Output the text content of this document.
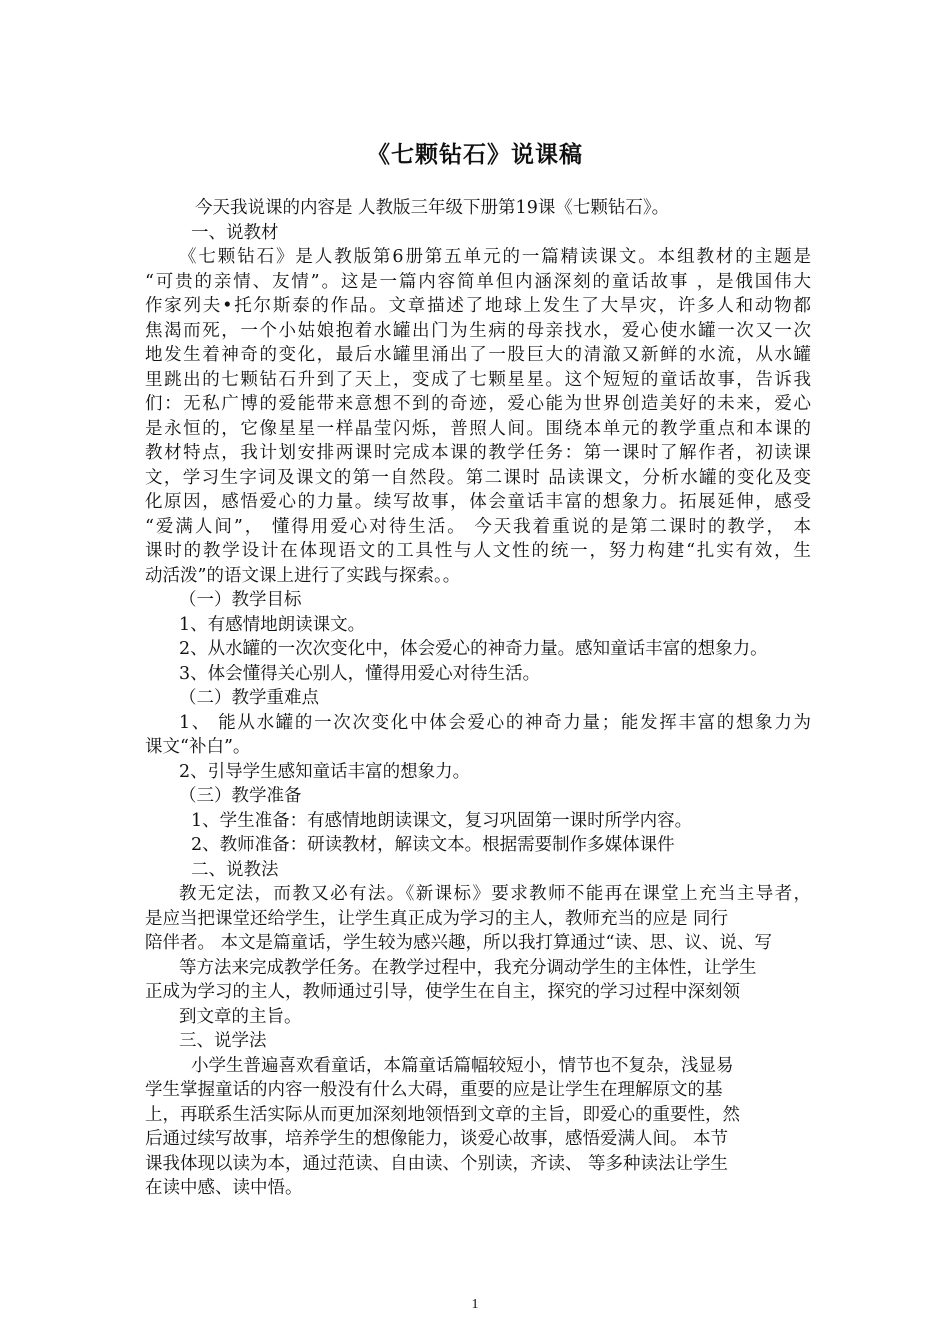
《七颗钻石》说课稿
今天我说课的内容是 人教版三年级下册第19课《七颗钻石》。
一、说教材
《七颗钻石》是人教版第6册第五单元的一篇精读课文。本组教材的主题是
“可贵的亲情、友情”。这是一篇内容简单但内涵深刻的童话故事 ，是俄国伟大
作家列夫•托尔斯泰的作品。文章描述了地球上发生了大旱灾，许多人和动物都
焦渴而死，一个小姑娘抱着水罐出门为生病的母亲找水，爱心使水罐一次又一次
地发生着神奇的变化，最后水罐里涌出了一股巨大的清澈又新鲜的水流，从水罐
里跳出的七颗钻石升到了天上，变成了七颗星星。这个短短的童话故事，告诉我
们：无私广博的爱能带来意想不到的奇迹，爱心能为世界创造美好的未来，爱心
是永恒的，它像星星一样晶莹闪烁，普照人间。围绕本单元的教学重点和本课的
教材特点，我计划安排两课时完成本课的教学任务：第一课时了解作者，初读课
文，学习生字词及课文的第一自然段。第二课时 品读课文，分析水罐的变化及变
化原因，感悟爱心的力量。续写故事，体会童话丰富的想象力。拓展延伸，感受
“爱满人间”， 懂得用爱心对待生活。 今天我着重说的是第二课时的教学， 本
课时的教学设计在体现语文的工具性与人文性的统一，努力构建“扎实有效，生
动活泼”的语文课上进行了实践与探索。。
（一）教学目标
1、有感情地朗读课文。
2、从水罐的一次次变化中，体会爱心的神奇力量。感知童话丰富的想象力。
3、体会懂得关心别人，懂得用爱心对待生活。
（二）教学重难点
1、 能从水罐的一次次变化中体会爱心的神奇力量；能发挥丰富的想象力为
课文“补白”。
2、引导学生感知童话丰富的想象力。
（三）教学准备
1、学生准备：有感情地朗读课文，复习巩固第一课时所学内容。
2、教师准备：研读教材，解读文本。根据需要制作多媒体课件
二、说教法
教无定法，而教又必有法。《新课标》要求教师不能再在课堂上充当主导者，
是应当把课堂还给学生，让学生真正成为学习的主人，教师充当的应是 同行
陪伴者。 本文是篇童话，学生较为感兴趣，所以我打算通过“读、思、议、说、写
等方法来完成教学任务。在教学过程中，我充分调动学生的主体性，让学生
正成为学习的主人，教师通过引导，使学生在自主，探究的学习过程中深刻领
到文章的主旨。
三、说学法
小学生普遍喜欢看童话，本篇童话篇幅较短小，情节也不复杂，浅显易
学生掌握童话的内容一般没有什么大碍，重要的应是让学生在理解原文的基
上，再联系生活实际从而更加深刻地领悟到文章的主旨，即爱心的重要性，然
后通过续写故事，培养学生的想像能力，谈爱心故事，感悟爱满人间。 本节
课我体现以读为本，通过范读、自由读、个别读，齐读、 等多种读法让学生
在读中感、读中悟。
1
